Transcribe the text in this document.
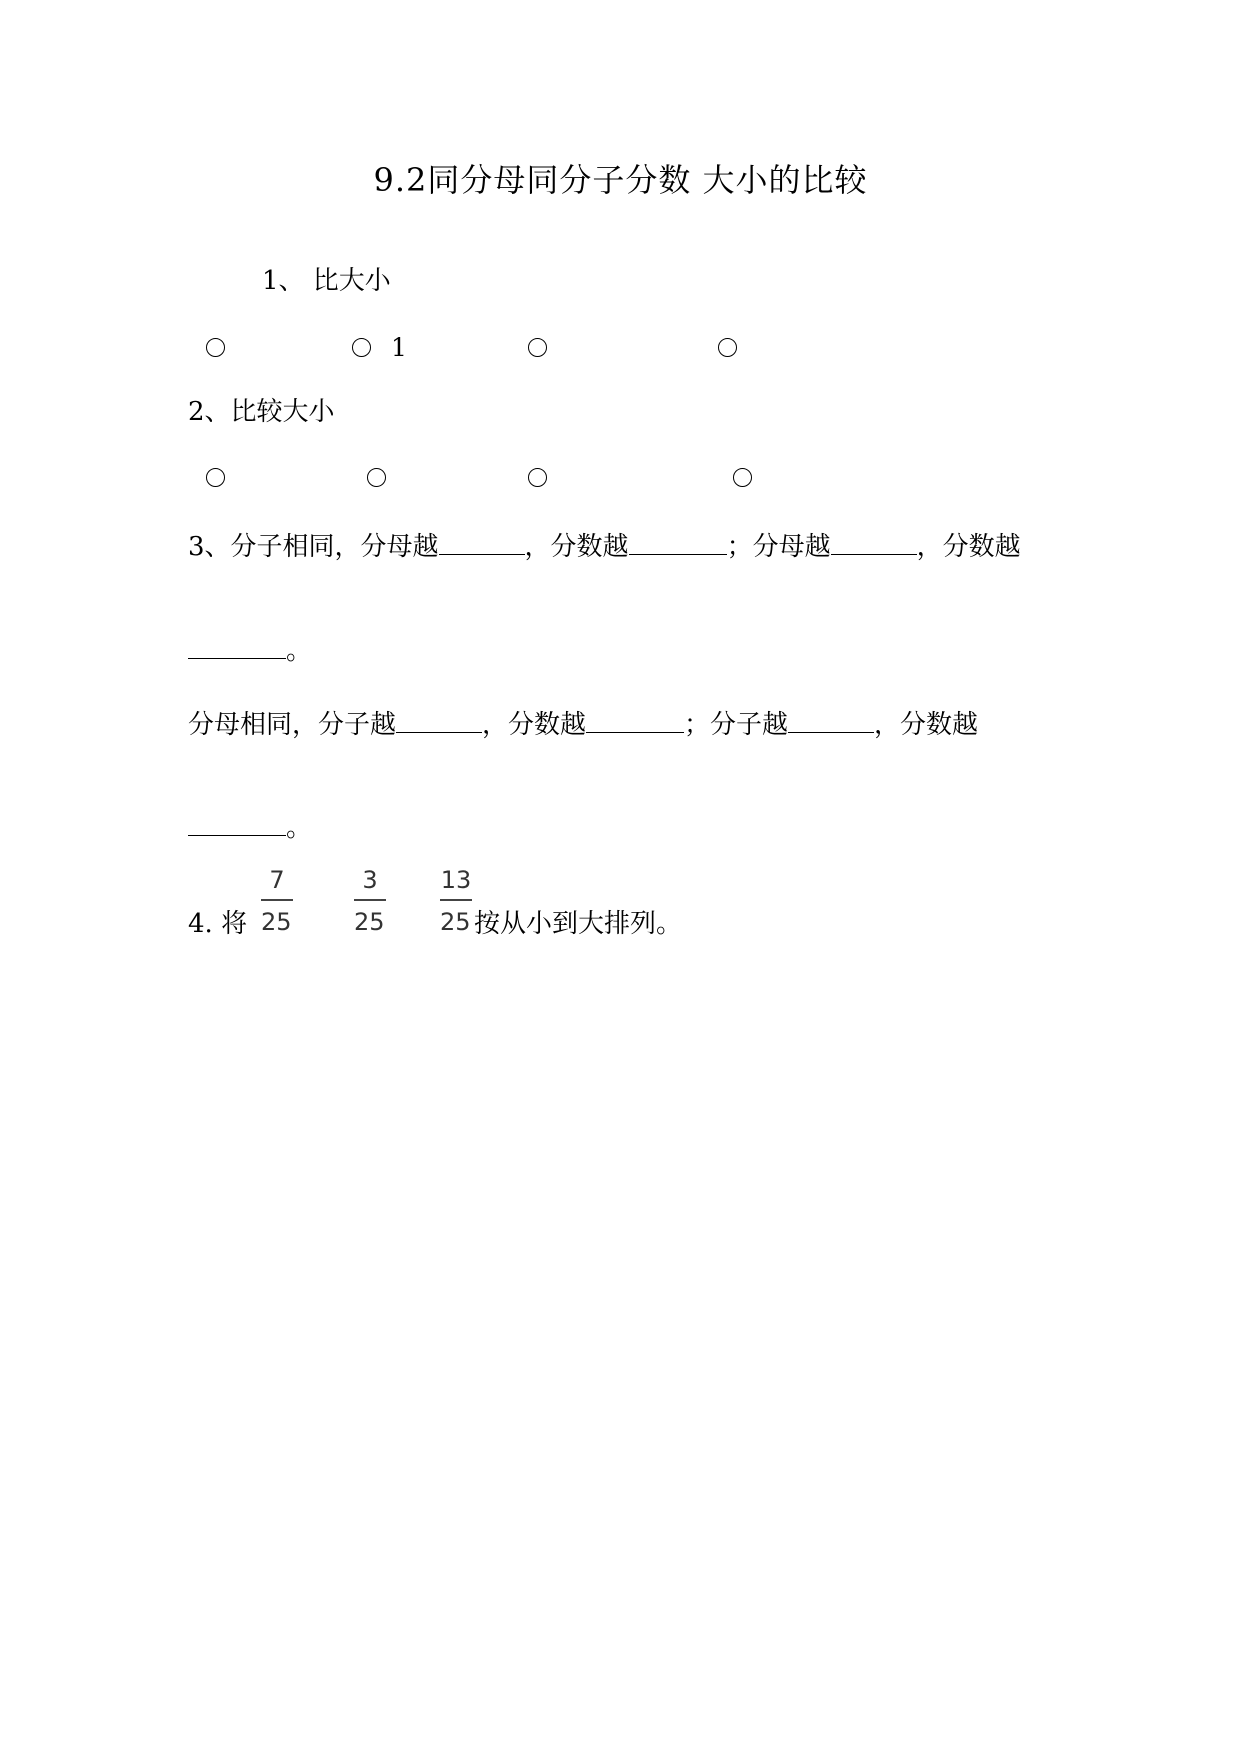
9.2同分母同分子分数 大小的比较
1、 比大小
1
2、比较大小
3、分子相同，分母越	，分数越	；分母越	，分数越
。
分母相同，分子越	，分数越	；分子越	，分数越
。
4. 将
7
25
3
25
13
25 按从小到大排列。
